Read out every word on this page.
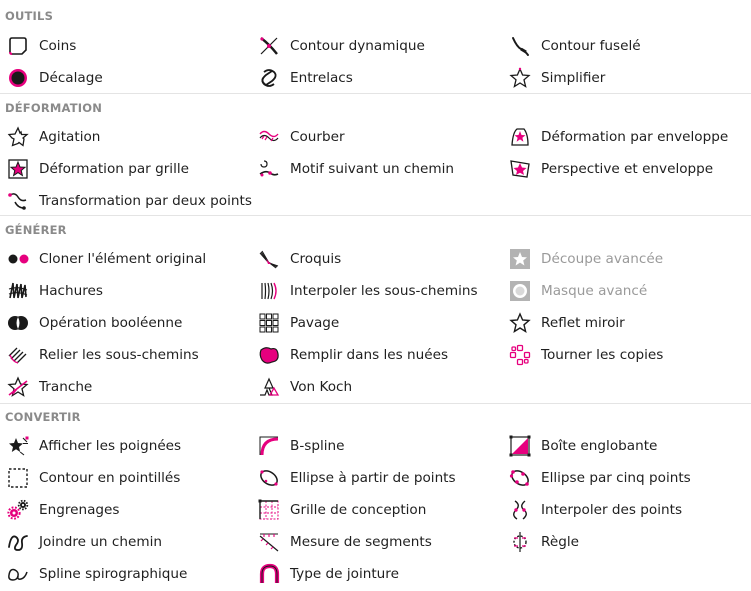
OUTILS
Coins	Contour dynamique	Contour fuselé
Décalage	Entrelacs	Simplifier
DÉFORMATION
Agitation	Courber	Déformation par enveloppe
Déformation par grille	Motif suivant un chemin	Perspective et enveloppe
Transformation par deux points
GÉNÉRER
Cloner l'élément original	Croquis	Découpe avancée
Hachures	Interpoler les sous-chemins	Masque avancé
Opération booléenne	Pavage	Reflet miroir
Relier les sous-chemins	Remplir dans les nuées	Tourner les copies
Tranche	Von Koch
CONVERTIR
Afficher les poignées	B-spline	Boîte englobante
Contour en pointillés	Ellipse à partir de points	Ellipse par cinq points
Engrenages	Grille de conception	Interpoler des points
Joindre un chemin	Mesure de segments	Règle
Spline spirographique	Type de jointure
